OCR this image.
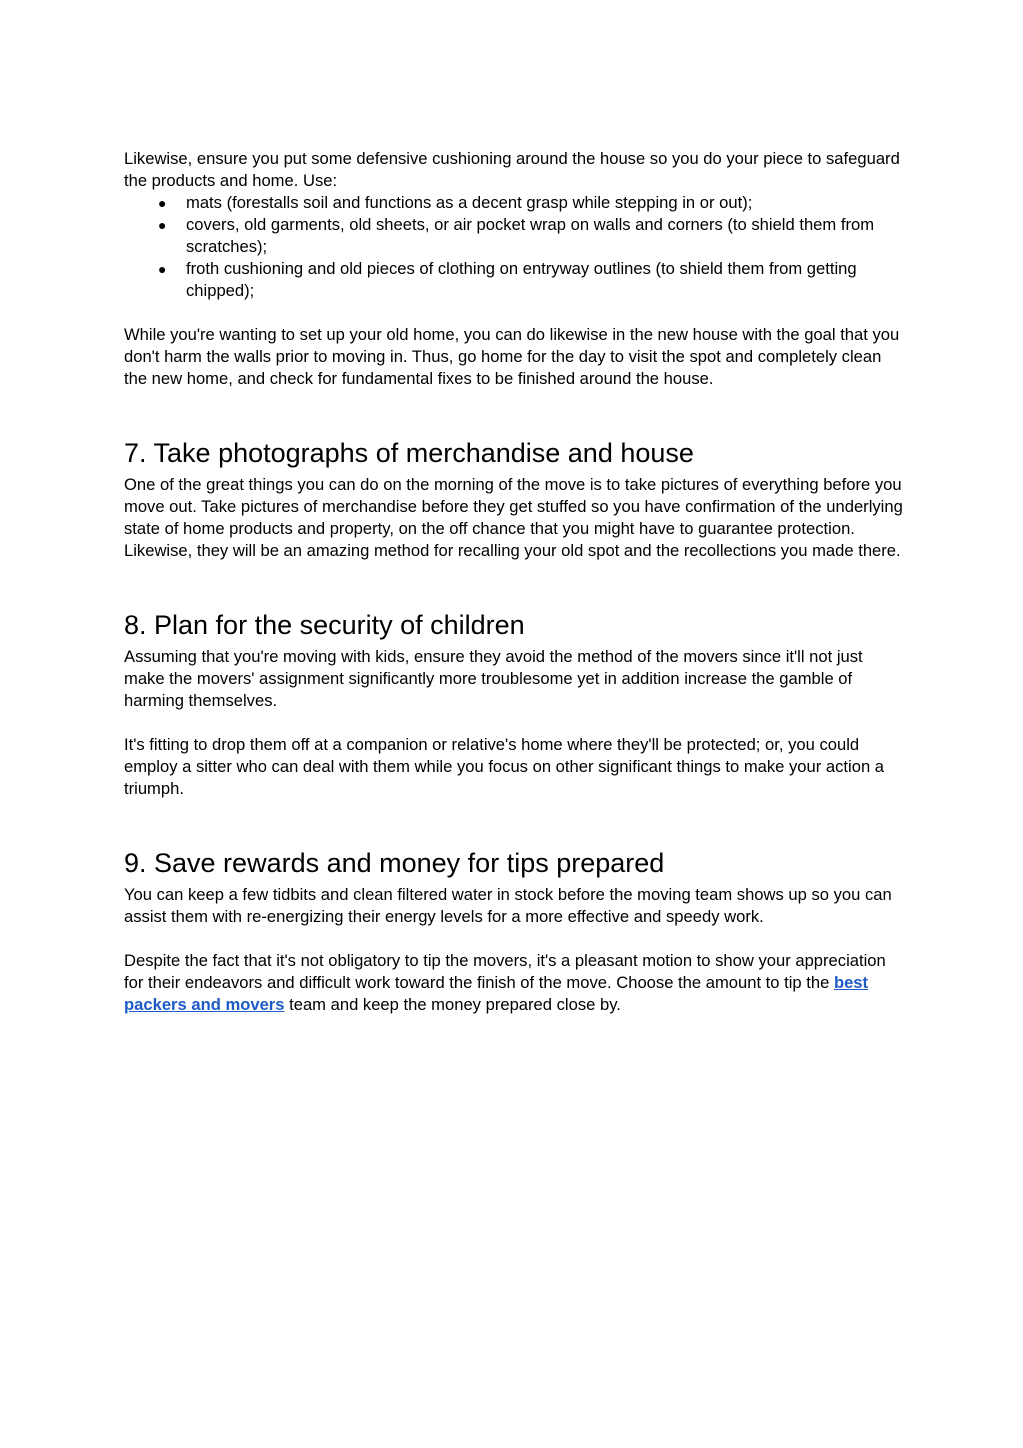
Likewise, ensure you put some defensive cushioning around the house so you do your piece to safeguard the products and home. Use:

● mats (forestalls soil and functions as a decent grasp while stepping in or out);
● covers, old garments, old sheets, or air pocket wrap on walls and corners (to shield them from scratches);
● froth cushioning and old pieces of clothing on entryway outlines (to shield them from getting chipped);

While you're wanting to set up your old home, you can do likewise in the new house with the goal that you don't harm the walls prior to moving in. Thus, go home for the day to visit the spot and completely clean the new home, and check for fundamental fixes to be finished around the house.

7. Take photographs of merchandise and house

One of the great things you can do on the morning of the move is to take pictures of everything before you move out. Take pictures of merchandise before they get stuffed so you have confirmation of the underlying state of home products and property, on the off chance that you might have to guarantee protection. Likewise, they will be an amazing method for recalling your old spot and the recollections you made there.

8. Plan for the security of children

Assuming that you're moving with kids, ensure they avoid the method of the movers since it'll not just make the movers' assignment significantly more troublesome yet in addition increase the gamble of harming themselves.

It's fitting to drop them off at a companion or relative's home where they'll be protected; or, you could employ a sitter who can deal with them while you focus on other significant things to make your action a triumph.

9. Save rewards and money for tips prepared

You can keep a few tidbits and clean filtered water in stock before the moving team shows up so you can assist them with re-energizing their energy levels for a more effective and speedy work.

Despite the fact that it's not obligatory to tip the movers, it's a pleasant motion to show your appreciation for their endeavors and difficult work toward the finish of the move. Choose the amount to tip the best packers and movers team and keep the money prepared close by.
